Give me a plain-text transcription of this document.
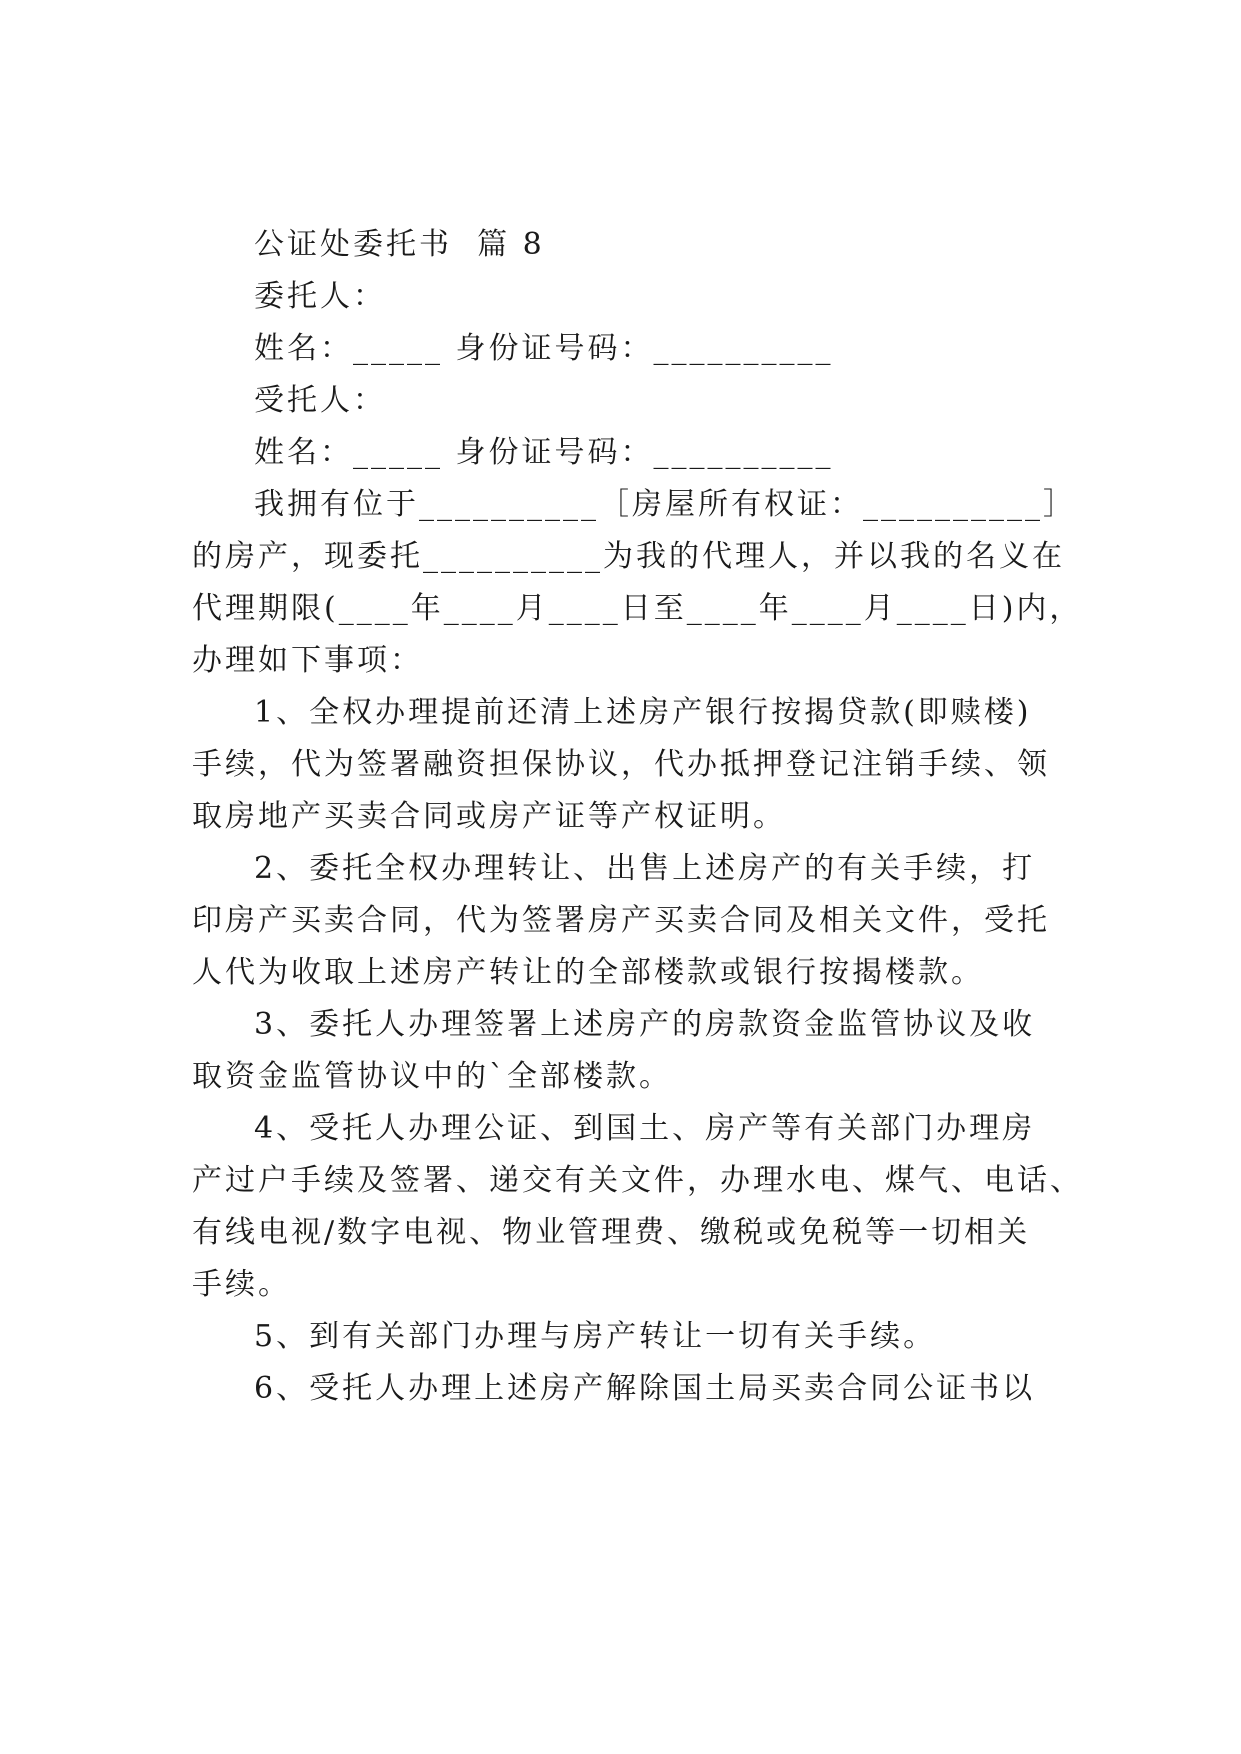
公证处委托书  篇 8
委托人：
姓名：_____ 身份证号码：__________
受托人：
姓名：_____ 身份证号码：__________
我拥有位于__________［房屋所有权证：__________］
的房产，现委托__________为我的代理人，并以我的名义在
代理期限(____年____月____日至____年____月____日)内，
办理如下事项：
1、全权办理提前还清上述房产银行按揭贷款(即赎楼)
手续，代为签署融资担保协议，代办抵押登记注销手续、领
取房地产买卖合同或房产证等产权证明。
2、委托全权办理转让、出售上述房产的有关手续，打
印房产买卖合同，代为签署房产买卖合同及相关文件，受托
人代为收取上述房产转让的全部楼款或银行按揭楼款。
3、委托人办理签署上述房产的房款资金监管协议及收
取资金监管协议中的`全部楼款。
4、受托人办理公证、到国土、房产等有关部门办理房
产过户手续及签署、递交有关文件，办理水电、煤气、电话、
有线电视/数字电视、物业管理费、缴税或免税等一切相关
手续。
5、到有关部门办理与房产转让一切有关手续。
6、受托人办理上述房产解除国土局买卖合同公证书以
